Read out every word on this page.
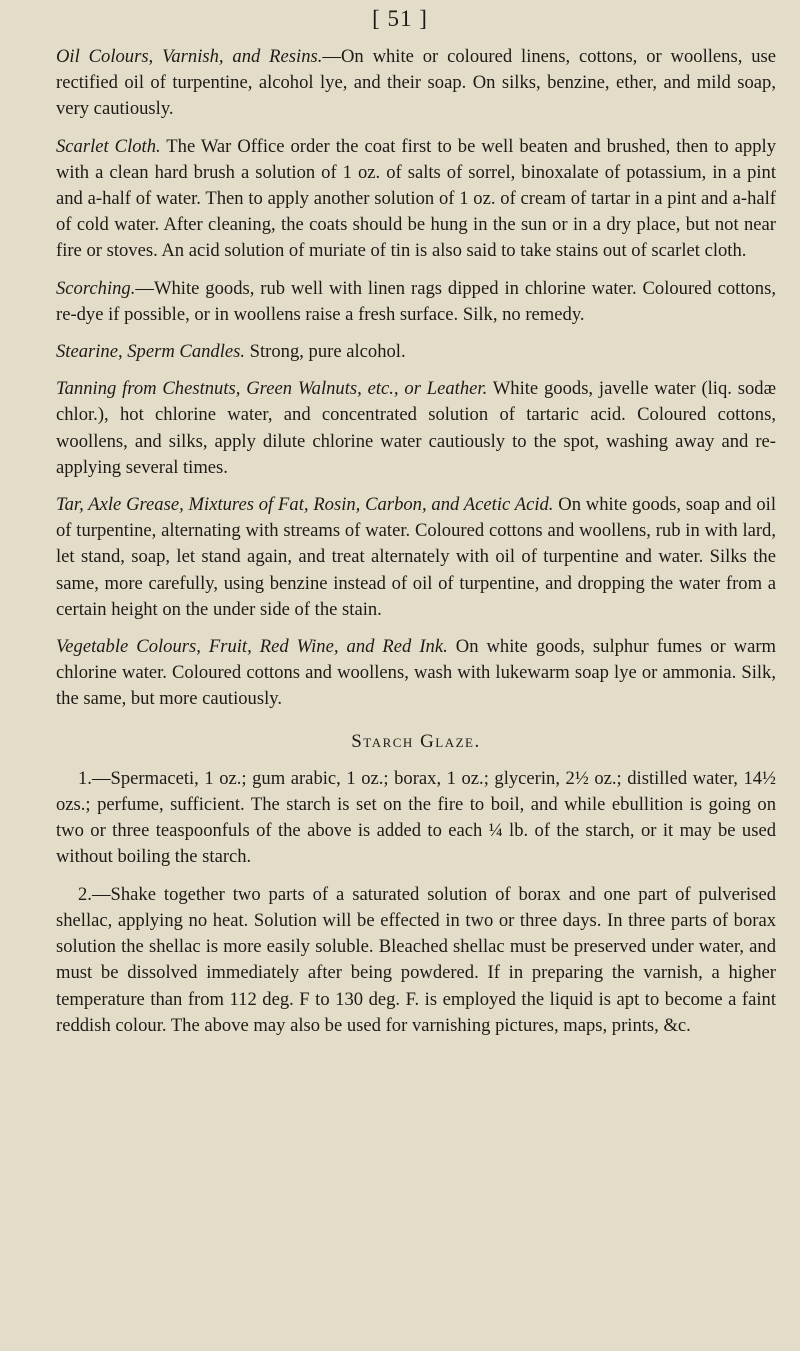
[ 51 ]

Oil Colours, Varnish, and Resins.—On white or coloured linens, cottons, or woollens, use rectified oil of turpentine, alcohol lye, and their soap. On silks, benzine, ether, and mild soap, very cautiously.

Scarlet Cloth. The War Office order the coat first to be well beaten and brushed, then to apply with a clean hard brush a solution of 1 oz. of salts of sorrel, binoxalate of potassium, in a pint and a-half of water. Then to apply another solution of 1 oz. of cream of tartar in a pint and a-half of cold water. After cleaning, the coats should be hung in the sun or in a dry place, but not near fire or stoves. An acid solution of muriate of tin is also said to take stains out of scarlet cloth.

Scorching.—White goods, rub well with linen rags dipped in chlorine water. Coloured cottons, re-dye if possible, or in woollens raise a fresh surface. Silk, no remedy.

Stearine, Sperm Candles. Strong, pure alcohol.

Tanning from Chestnuts, Green Walnuts, etc., or Leather. White goods, javelle water (liq. sodæ chlor.), hot chlorine water, and concentrated solution of tartaric acid. Coloured cottons, woollens, and silks, apply dilute chlorine water cautiously to the spot, washing away and re-applying several times.

Tar, Axle Grease, Mixtures of Fat, Rosin, Carbon, and Acetic Acid. On white goods, soap and oil of turpentine, alternating with streams of water. Coloured cottons and woollens, rub in with lard, let stand, soap, let stand again, and treat alternately with oil of turpentine and water. Silks the same, more carefully, using benzine instead of oil of turpentine, and dropping the water from a certain height on the under side of the stain.

Vegetable Colours, Fruit, Red Wine, and Red Ink. On white goods, sulphur fumes or warm chlorine water. Coloured cottons and woollens, wash with lukewarm soap lye or ammonia. Silk, the same, but more cautiously.

Starch Glaze.

1.—Spermaceti, 1 oz.; gum arabic, 1 oz.; borax, 1 oz.; glycerin, 2½ oz.; distilled water, 14½ ozs.; perfume, sufficient. The starch is set on the fire to boil, and while ebullition is going on two or three teaspoonfuls of the above is added to each ¼ lb. of the starch, or it may be used without boiling the starch.

2.—Shake together two parts of a saturated solution of borax and one part of pulverised shellac, applying no heat. Solution will be effected in two or three days. In three parts of borax solution the shellac is more easily soluble. Bleached shellac must be preserved under water, and must be dissolved immediately after being powdered. If in preparing the varnish, a higher temperature than from 112 deg. F to 130 deg. F. is employed the liquid is apt to become a faint reddish colour. The above may also be used for varnishing pictures, maps, prints, &c.
